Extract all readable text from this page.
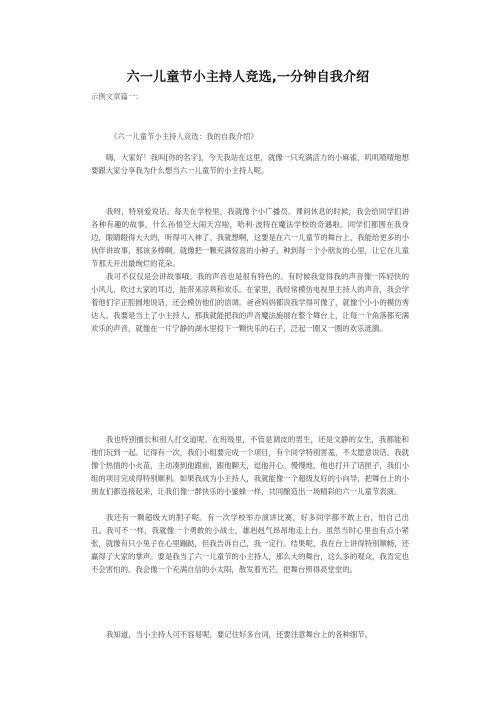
六一儿童节小主持人竞选,一分钟自我介绍
示例文章篇一：
《六一儿童节小主持人竞选：我的自我介绍》

嗨，大家好！我叫[你的名字]，今天我站在这里，就像一只充满活力的小麻雀，叽叽喳喳地想要跟大家分享我为什么想当六一儿童节的小主持人呢。

我呀，特别爱说话。每天在学校里，我就像个小广播员。课间休息的时候，我会给同学们讲各种有趣的故事，什么孙悟空大闹天宫啦，哈利·波特在魔法学校的奇遇啦。同学们都围在我身边，眼睛瞪得大大的，听得可入神了。我就想啊，这要是在六一儿童节的舞台上，我能给更多的小伙伴讲故事，那该多棒啊。就像把一颗充满惊喜的小种子，种到每一个小朋友的心里，让它在儿童节那天开出最绚烂的花朵。

我可不仅仅是会讲故事哦。我的声音也是很有特色的。有时候我觉得我的声音像一阵轻快的小风儿，吹过大家的耳边，能带来凉爽和欢乐。在家里，我经常模仿电视里主持人的声音，我会学着他们字正腔圆地说话，还会模仿他们的语调。爸爸妈妈都说我学得可像了，就像个小小的模仿秀达人。我要是当上了小主持人，那我就能把我的声音魔法施展在整个舞台上，让每一个角落都充满欢乐的声音，就像在一片宁静的湖水里投下一颗快乐的石子，泛起一圈又一圈的欢乐涟漪。

我也特别擅长和别人打交道呢。在班级里，不管是调皮的男生，还是文静的女生，我都能和他们玩到一起。记得有一次，我们小组要完成一个项目，有个同学特别害羞，不太愿意说话。我就像个热情的小火苗，主动凑到他跟前，跟他聊天，逗他开心。慢慢地，他也打开了话匣子，我们小组的项目完成得特别顺利。如果我成为小主持人，我就能像一个超级友好的小向导，把舞台上的小朋友们都连接起来，让我们像一群快乐的小蜜蜂一样，共同酿造出一场精彩的六一儿童节表演。

我还有一颗超级大的胆子呢。有一次学校举办演讲比赛，好多同学都不敢上台，怕自己出丑。我可不一样，我就像一个勇敢的小战士，雄赳赳气昂昂地走上台。虽然当时心里也有点小紧张，就像有只小兔子在心里蹦跶，但我告诉自己，我一定行。结果呢，我在台上讲得特别顺畅，还赢得了大家的掌声。要是我当了六一儿童节的小主持人，那么大的舞台，这么多的观众，我肯定也不会害怕的。我会像一个充满自信的小太阳，散发着光芒，把舞台照得亮堂堂的。

我知道，当小主持人可不容易呢，要记住好多台词，还要注意舞台上的各种细节。
